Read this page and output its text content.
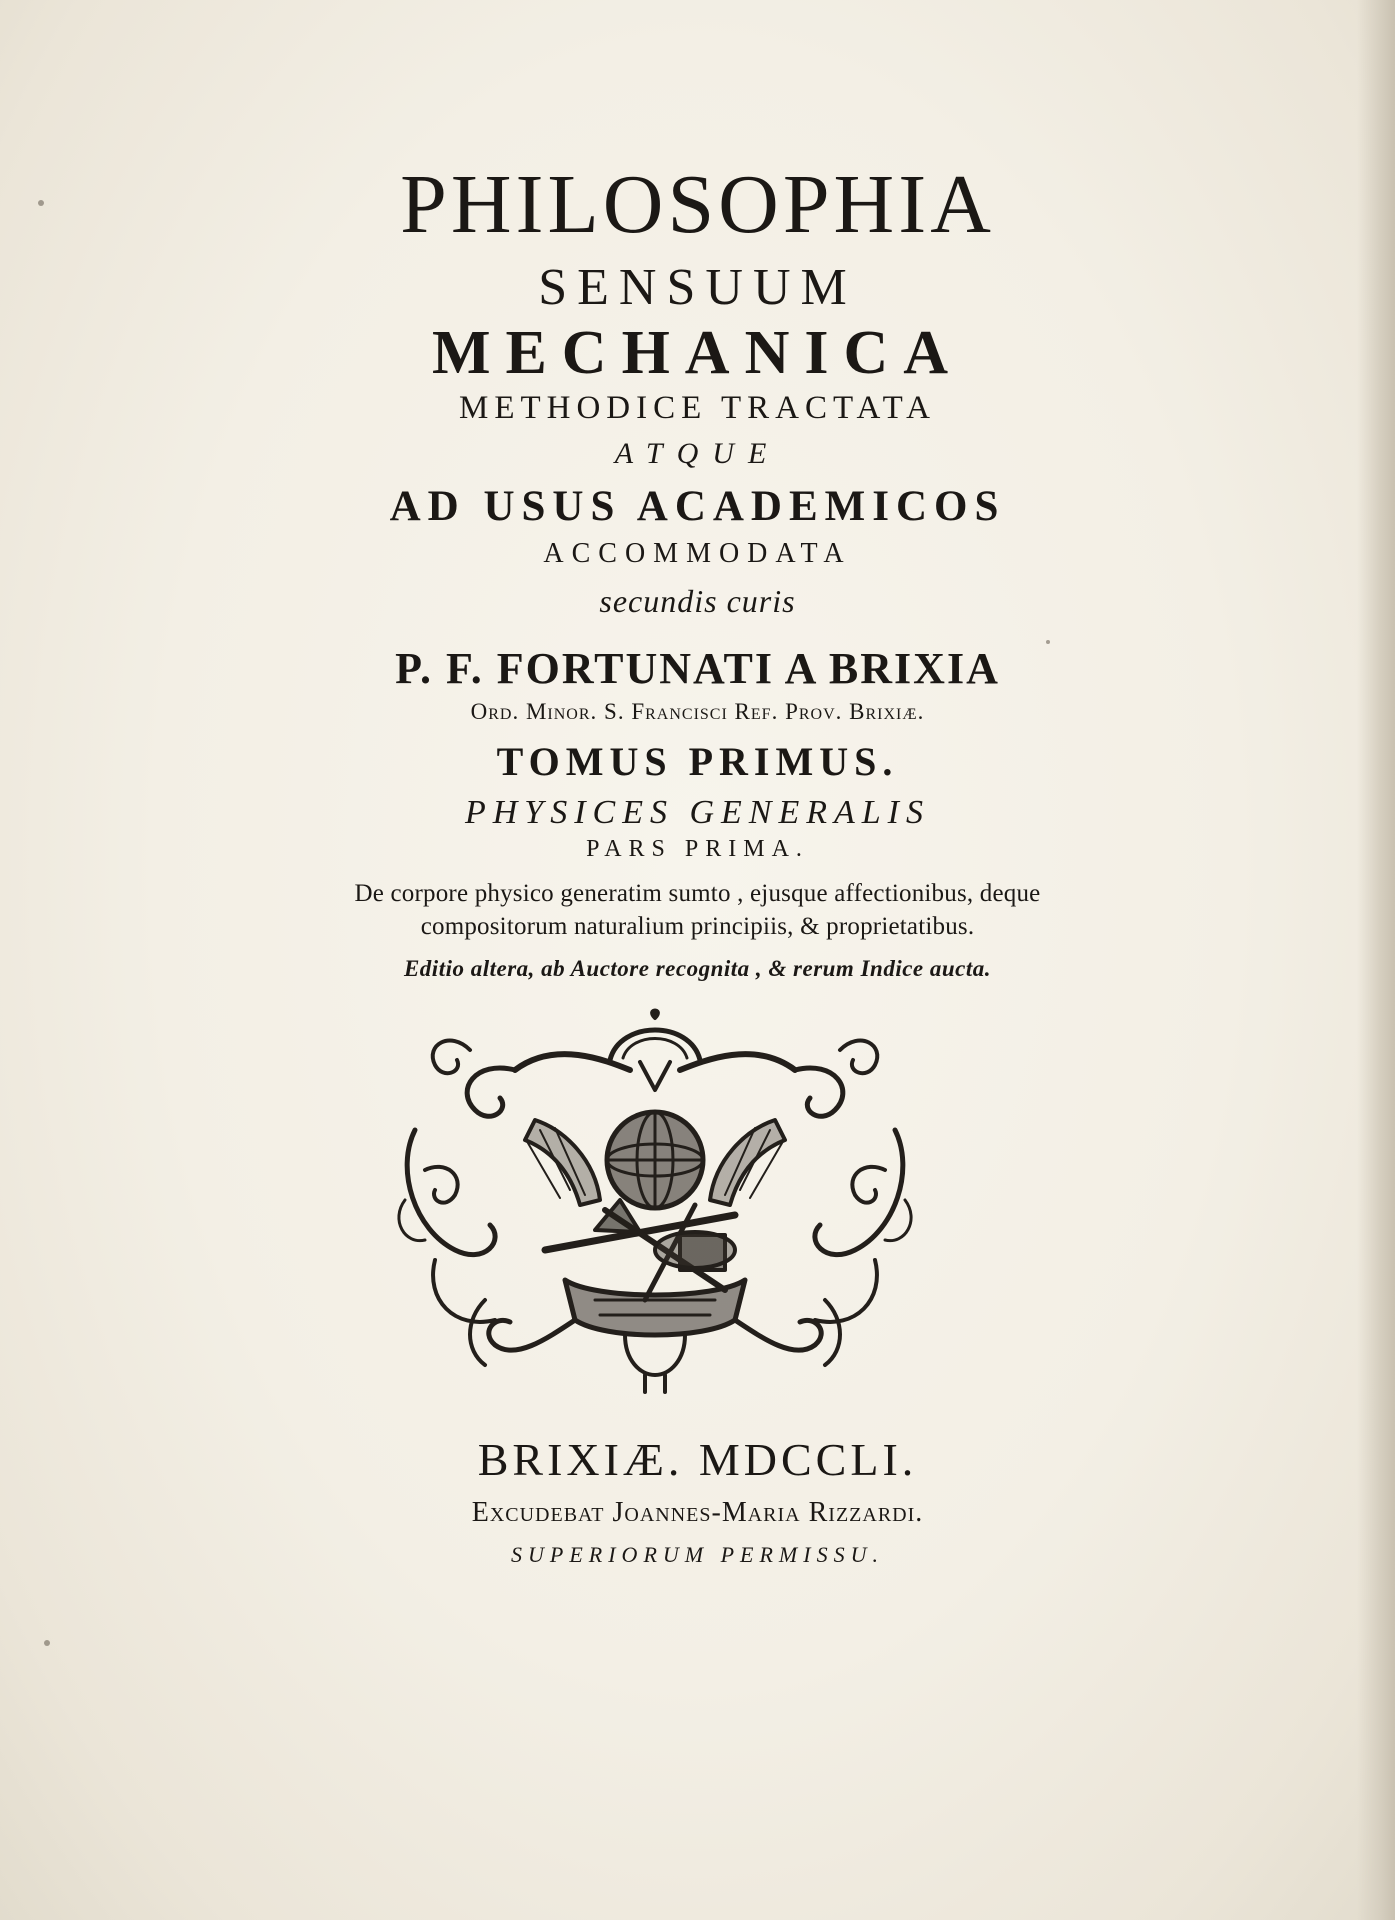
PHILOSOPHIA
SENSUUM
MECHANICA
METHODICE TRACTATA
ATQUE
AD USUS ACADEMICOS
ACCOMMODATA
secundis curis
P. F. FORTUNATI A BRIXIA
Ord. Minor. S. Francisci Ref. Prov. Brixiæ.
TOMUS PRIMUS.
PHYSICES GENERALIS
PARS PRIMA.
De corpore physico generatim sumto , ejusque affectionibus, deque
compositorum naturalium principiis, & proprietatibus.
Editio altera, ab Auctore recognita , & rerum Indice aucta.
BRIXIÆ. MDCCLI.
Excudebat Joannes-Maria Rizzardi.
SUPERIORUM PERMISSU.
